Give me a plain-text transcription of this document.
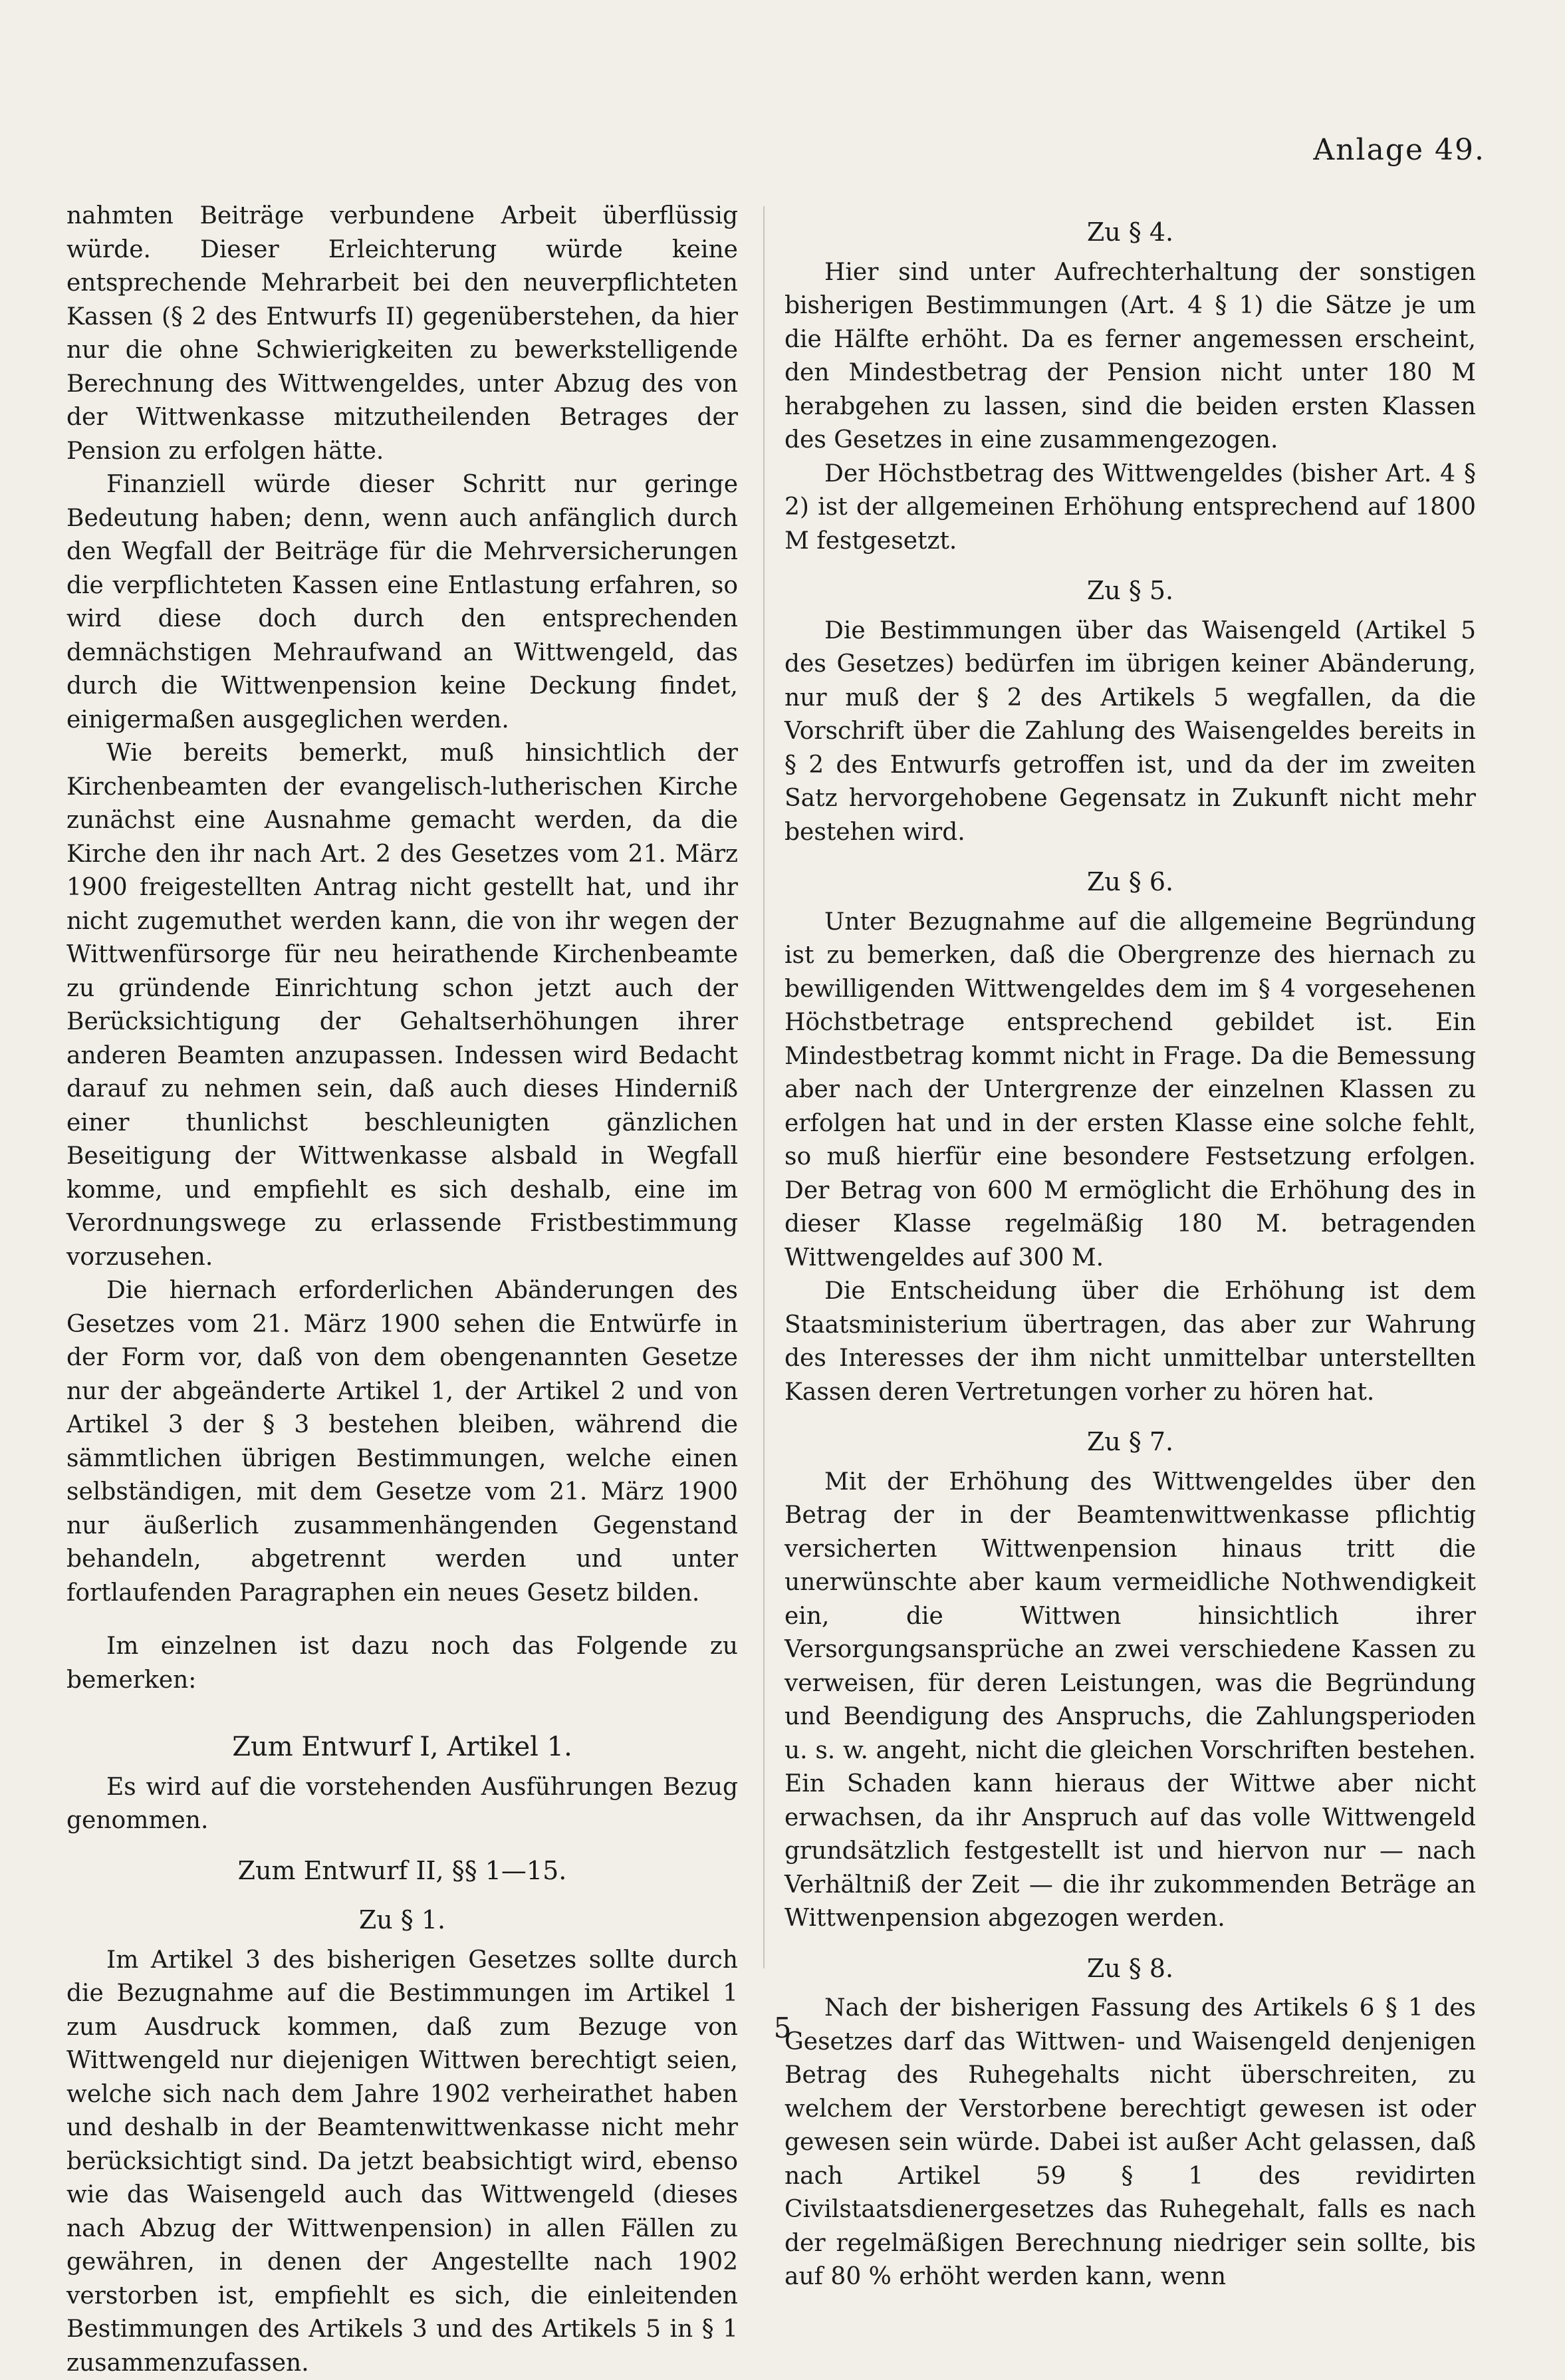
Anlage 49.

nahmten Beiträge verbundene Arbeit überflüssig würde. Dieser Erleichterung würde keine entsprechende Mehrarbeit bei den neuverpflichteten Kassen (§ 2 des Entwurfs II) gegenüberstehen, da hier nur die ohne Schwierigkeiten zu bewerkstelligende Berechnung des Wittwengeldes, unter Abzug des von der Wittwenkasse mitzutheilenden Betrages der Pension zu erfolgen hätte.

Finanziell würde dieser Schritt nur geringe Bedeutung haben; denn, wenn auch anfänglich durch den Wegfall der Beiträge für die Mehrversicherungen die verpflichteten Kassen eine Entlastung erfahren, so wird diese doch durch den entsprechenden demnächstigen Mehraufwand an Wittwengeld, das durch die Wittwenpension keine Deckung findet, einigermaßen ausgeglichen werden.

Wie bereits bemerkt, muß hinsichtlich der Kirchenbeamten der evangelisch-lutherischen Kirche zunächst eine Ausnahme gemacht werden, da die Kirche den ihr nach Art. 2 des Gesetzes vom 21. März 1900 freigestellten Antrag nicht gestellt hat, und ihr nicht zugemuthet werden kann, die von ihr wegen der Wittwenfürsorge für neu heirathende Kirchenbeamte zu gründende Einrichtung schon jetzt auch der Berücksichtigung der Gehaltserhöhungen ihrer anderen Beamten anzupassen. Indessen wird Bedacht darauf zu nehmen sein, daß auch dieses Hinderniß einer thunlichst beschleunigten gänzlichen Beseitigung der Wittwenkasse alsbald in Wegfall komme, und empfiehlt es sich deshalb, eine im Verordnungswege zu erlassende Fristbestimmung vorzusehen.

Die hiernach erforderlichen Abänderungen des Gesetzes vom 21. März 1900 sehen die Entwürfe in der Form vor, daß von dem obengenannten Gesetze nur der abgeänderte Artikel 1, der Artikel 2 und von Artikel 3 der § 3 bestehen bleiben, während die sämmtlichen übrigen Bestimmungen, welche einen selbständigen, mit dem Gesetze vom 21. März 1900 nur äußerlich zusammenhängenden Gegenstand behandeln, abgetrennt werden und unter fortlaufenden Paragraphen ein neues Gesetz bilden.

Im einzelnen ist dazu noch das Folgende zu bemerken:

Zum Entwurf I, Artikel 1.

Es wird auf die vorstehenden Ausführungen Bezug genommen.

Zum Entwurf II, §§ 1—15.
Zu § 1.

Im Artikel 3 des bisherigen Gesetzes sollte durch die Bezugnahme auf die Bestimmungen im Artikel 1 zum Ausdruck kommen, daß zum Bezuge von Wittwengeld nur diejenigen Wittwen berechtigt seien, welche sich nach dem Jahre 1902 verheirathet haben und deshalb in der Beamtenwittwenkasse nicht mehr berücksichtigt sind. Da jetzt beabsichtigt wird, ebenso wie das Waisengeld auch das Wittwengeld (dieses nach Abzug der Wittwenpension) in allen Fällen zu gewähren, in denen der Angestellte nach 1902 verstorben ist, empfiehlt es sich, die einleitenden Bestimmungen des Artikels 3 und des Artikels 5 in § 1 zusammenzufassen.

Zu § 4.

Hier sind unter Aufrechterhaltung der sonstigen bisherigen Bestimmungen (Art. 4 § 1) die Sätze je um die Hälfte erhöht. Da es ferner angemessen erscheint, den Mindestbetrag der Pension nicht unter 180 M herabgehen zu lassen, sind die beiden ersten Klassen des Gesetzes in eine zusammengezogen.

Der Höchstbetrag des Wittwengeldes (bisher Art. 4 § 2) ist der allgemeinen Erhöhung entsprechend auf 1800 M festgesetzt.

Zu § 5.

Die Bestimmungen über das Waisengeld (Artikel 5 des Gesetzes) bedürfen im übrigen keiner Abänderung, nur muß der § 2 des Artikels 5 wegfallen, da die Vorschrift über die Zahlung des Waisengeldes bereits in § 2 des Entwurfs getroffen ist, und da der im zweiten Satz hervorgehobene Gegensatz in Zukunft nicht mehr bestehen wird.

Zu § 6.

Unter Bezugnahme auf die allgemeine Begründung ist zu bemerken, daß die Obergrenze des hiernach zu bewilligenden Wittwengeldes dem im § 4 vorgesehenen Höchstbetrage entsprechend gebildet ist. Ein Mindestbetrag kommt nicht in Frage. Da die Bemessung aber nach der Untergrenze der einzelnen Klassen zu erfolgen hat und in der ersten Klasse eine solche fehlt, so muß hierfür eine besondere Festsetzung erfolgen. Der Betrag von 600 M ermöglicht die Erhöhung des in dieser Klasse regelmäßig 180 M. betragenden Wittwengeldes auf 300 M.

Die Entscheidung über die Erhöhung ist dem Staatsministerium übertragen, das aber zur Wahrung des Interesses der ihm nicht unmittelbar unterstellten Kassen deren Vertretungen vorher zu hören hat.

Zu § 7.

Mit der Erhöhung des Wittwengeldes über den Betrag der in der Beamtenwittwenkasse pflichtig versicherten Wittwenpension hinaus tritt die unerwünschte aber kaum vermeidliche Nothwendigkeit ein, die Wittwen hinsichtlich ihrer Versorgungsansprüche an zwei verschiedene Kassen zu verweisen, für deren Leistungen, was die Begründung und Beendigung des Anspruchs, die Zahlungsperioden u. s. w. angeht, nicht die gleichen Vorschriften bestehen. Ein Schaden kann hieraus der Wittwe aber nicht erwachsen, da ihr Anspruch auf das volle Wittwengeld grundsätzlich festgestellt ist und hiervon nur — nach Verhältniß der Zeit — die ihr zukommenden Beträge an Wittwenpension abgezogen werden.

Zu § 8.

Nach der bisherigen Fassung des Artikels 6 § 1 des Gesetzes darf das Wittwen- und Waisengeld denjenigen Betrag des Ruhegehalts nicht überschreiten, zu welchem der Verstorbene berechtigt gewesen ist oder gewesen sein würde. Dabei ist außer Acht gelassen, daß nach Artikel 59 § 1 des revidirten Civilstaatsdienergesetzes das Ruhegehalt, falls es nach der regelmäßigen Berechnung niedriger sein sollte, bis auf 80 % erhöht werden kann, wenn

5
